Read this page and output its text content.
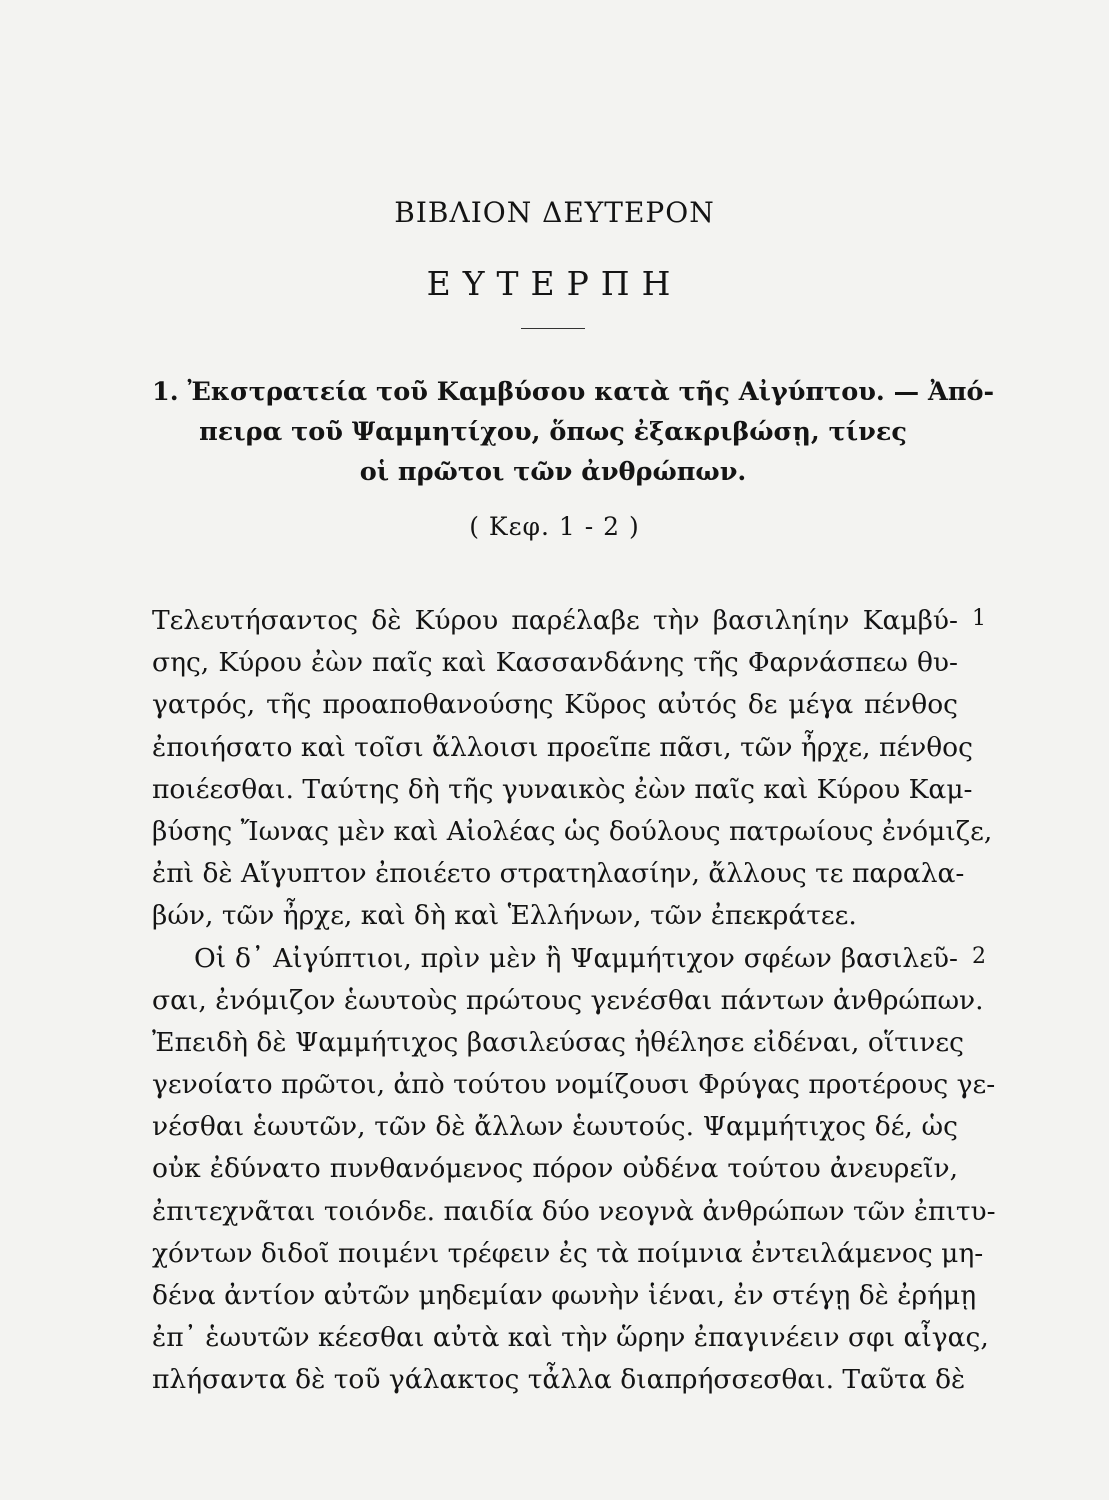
ΒΙΒΛΙΟΝ ΔΕΥΤΕΡΟΝ
ΕΥΤΕΡΠΗ
1. Ἐκστρατεία τοῦ Καμβύσου κατὰ τῆς Αἰγύπτου. — Ἀπό-
πειρα τοῦ Ψαμμητίχου, ὅπως ἐξακριβώσῃ, τίνες
οἱ πρῶτοι τῶν ἀνθρώπων.
( Κεφ. 1 - 2 )
Τελευτήσαντος δὲ Κύρου παρέλαβε τὴν βασιληίην Καμβύ-
σης, Κύρου ἐὼν παῖς καὶ Κασσανδάνης τῆς Φαρνάσπεω θυ-
γατρός, τῆς προαποθανούσης Κῦρος αὐτός δε μέγα πένθος
ἐποιήσατο καὶ τοῖσι ἄλλοισι προεῖπε πᾶσι, τῶν ἦρχε, πένθος
ποιέεσθαι. Ταύτης δὴ τῆς γυναικὸς ἐὼν παῖς καὶ Κύρου Καμ-
βύσης Ἴωνας μὲν καὶ Αἰολέας ὡς δούλους πατρωίους ἐνόμιζε,
ἐπὶ δὲ Αἴγυπτον ἐποιέετο στρατηλασίην, ἄλλους τε παραλα-
βών, τῶν ἦρχε, καὶ δὴ καὶ Ἑλλήνων, τῶν ἐπεκράτεε.
Οἱ δ᾽ Αἰγύπτιοι, πρὶν μὲν ἢ Ψαμμήτιχον σφέων βασιλεῦ-
σαι, ἐνόμιζον ἑωυτοὺς πρώτους γενέσθαι πάντων ἀνθρώπων.
Ἐπειδὴ δὲ Ψαμμήτιχος βασιλεύσας ἠθέλησε εἰδέναι, οἵτινες
γενοίατο πρῶτοι, ἀπὸ τούτου νομίζουσι Φρύγας προτέρους γε-
νέσθαι ἑωυτῶν, τῶν δὲ ἄλλων ἑωυτούς. Ψαμμήτιχος δέ, ὡς
οὐκ ἐδύνατο πυνθανόμενος πόρον οὐδένα τούτου ἀνευρεῖν,
ἐπιτεχνᾶται τοιόνδε. παιδία δύο νεογνὰ ἀνθρώπων τῶν ἐπιτυ-
χόντων διδοῖ ποιμένι τρέφειν ἐς τὰ ποίμνια ἐντειλάμενος μη-
δένα ἀντίον αὐτῶν μηδεμίαν φωνὴν ἱέναι, ἐν στέγῃ δὲ ἐρήμῃ
ἐπ᾽ ἑωυτῶν κέεσθαι αὐτὰ καὶ τὴν ὥρην ἐπαγινέειν σφι αἶγας,
πλήσαντα δὲ τοῦ γάλακτος τἆλλα διαπρήσσεσθαι. Ταῦτα δὲ
1
2
